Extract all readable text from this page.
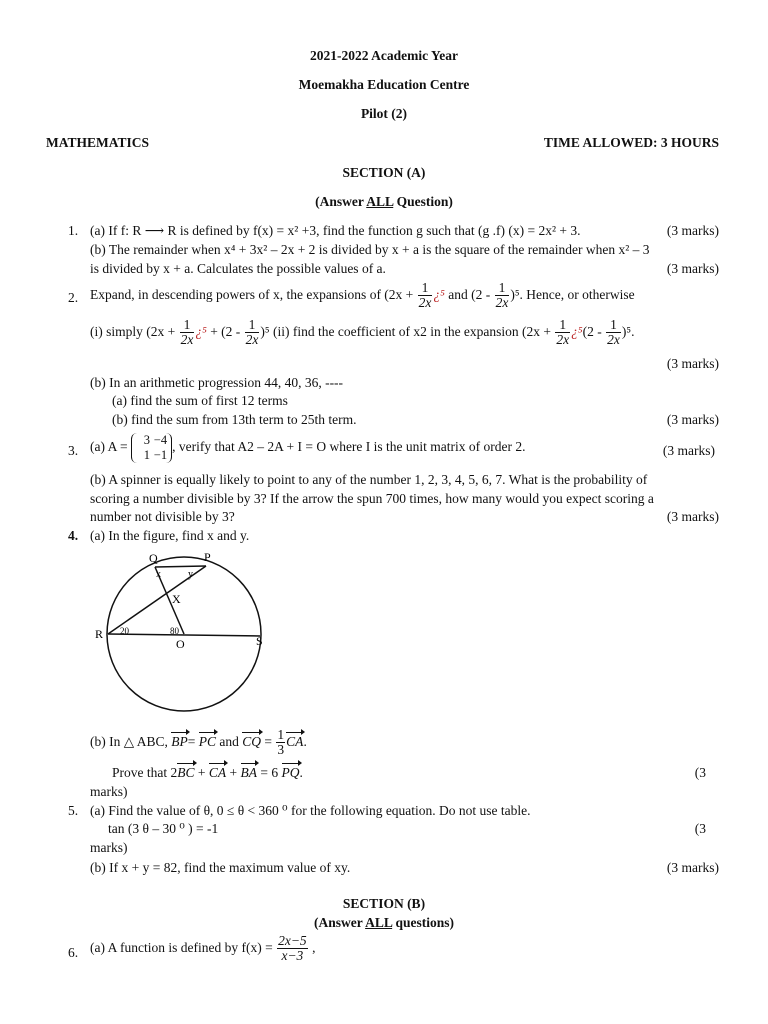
2021-2022 Academic Year
Moemakha Education Centre
Pilot (2)
MATHEMATICS	TIME ALLOWED: 3 HOURS
SECTION (A)
(Answer ALL Question)
1. (a) If f: R ⟶ R is defined by f(x) = x² +3, find the function g such that (g .f) (x) = 2x² + 3.	(3 marks)
(b) The remainder when x⁴ + 3x² – 2x + 2 is divided by x + a is the square of the remainder when x² – 3
is divided by x + a. Calculates the possible values of a.	(3 marks)
2. Expand, in descending powers of x, the expansions of ($2x + \frac{1}{2x}$ ¿⁵ and $(2 - \frac{1}{2x} )^5$. Hence, or otherwise
(i) simply ($2x + \frac{1}{2x}$ ¿$^5 + (2 - \frac{1}{2x} )^5$ (ii) find the coefficient of x2 in the expansion ($2x + \frac{1}{2x}$ ¿$^5(2 - \frac{1}{2x} )^5$.
(3 marks)
(b) In an arithmetic progression 44, 40, 36, ----
(a) find the sum of first 12 terms
(b) find the sum from 13th term to 25th term.	(3 marks)
3. (a) A =	3 −4
1 −1
, verify that A2 – 2A + I = O where I is the unit matrix of order 2.	(3 marks)
(b) A spinner is equally likely to point to any of the number 1, 2, 3, 4, 5, 6, 7. What is the probability of
scoring a number divisible by 3? If the arrow the spun 700 times, how many would you expect scoring a
number not divisible by 3?	(3 marks)
4. (a) In the figure, find x and y.
Q	P
x	y
X
R 20	80
O	S
(b) In △ ABC, BP= PC and CQ = $\frac{1}{3}$ CA.
Prove that 2BC + CA + BA = 6 PQ.	(3
marks)
5. (a) Find the value of θ, 0 ≤ θ < 360 ⁰ for the following equation. Do not use table.
tan (3 θ – 30 ⁰ ) = -1	(3
marks)
(b) If x + y = 82, find the maximum value of xy.	(3 marks)
SECTION (B)
(Answer ALL questions)
6. (a) A function is defined by $f(x) = \frac{2x-5}{x-3}$ ,
